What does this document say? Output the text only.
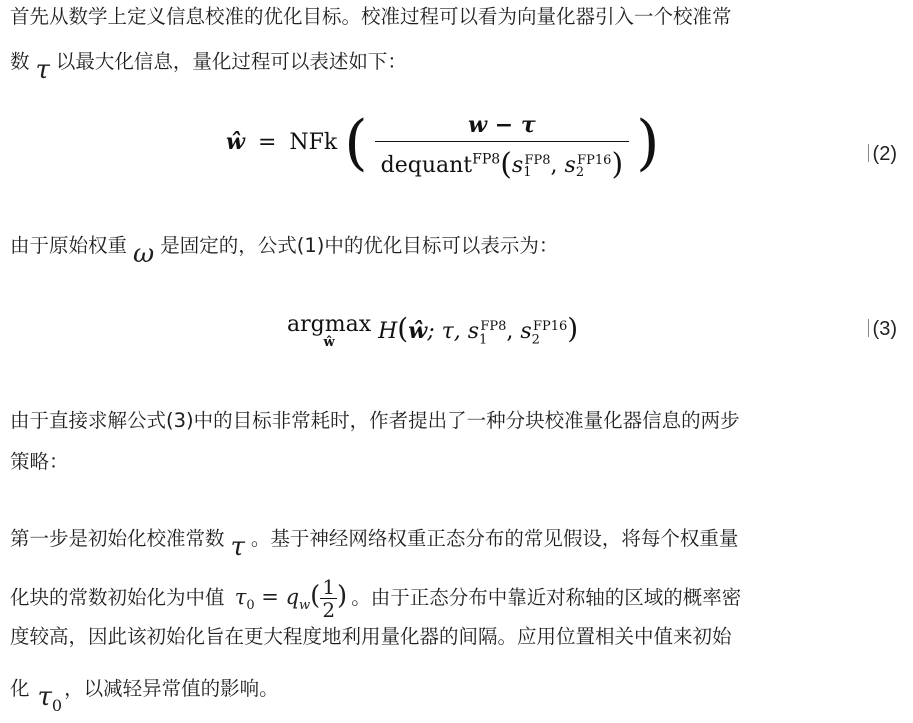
首先从数学上定义信息校准的优化目标。校准过程可以看为向量化器引入一个校准常
数 τ 以最大化信息，量化过程可以表述如下：
ŵ = NFk ( $\frac{w - \tau}{dequant^{FP8}(s_1^{FP8}, s_2^{FP16})}$ )	(2)
由于原始权重 ω 是固定的，公式(1)中的优化目标可以表示为：
argmax
ŵ	H(ŵ; τ, $s_1^{FP8}$, $s_2^{FP16}$)	(3)
由于直接求解公式(3)中的目标非常耗时，作者提出了一种分块校准量化器信息的两步
策略：
第一步是初始化校准常数 τ 。基于神经网络权重正态分布的常见假设，将每个权重量
化块的常数初始化为中值 $\tau_0 = q_w( \frac{1}{2}$ ) 。由于正态分布中靠近对称轴的区域的概率密
度较高，因此该初始化旨在更大程度地利用量化器的间隔。应用位置相关中值来初始
化 $\tau_0$，以减轻异常值的影响。
